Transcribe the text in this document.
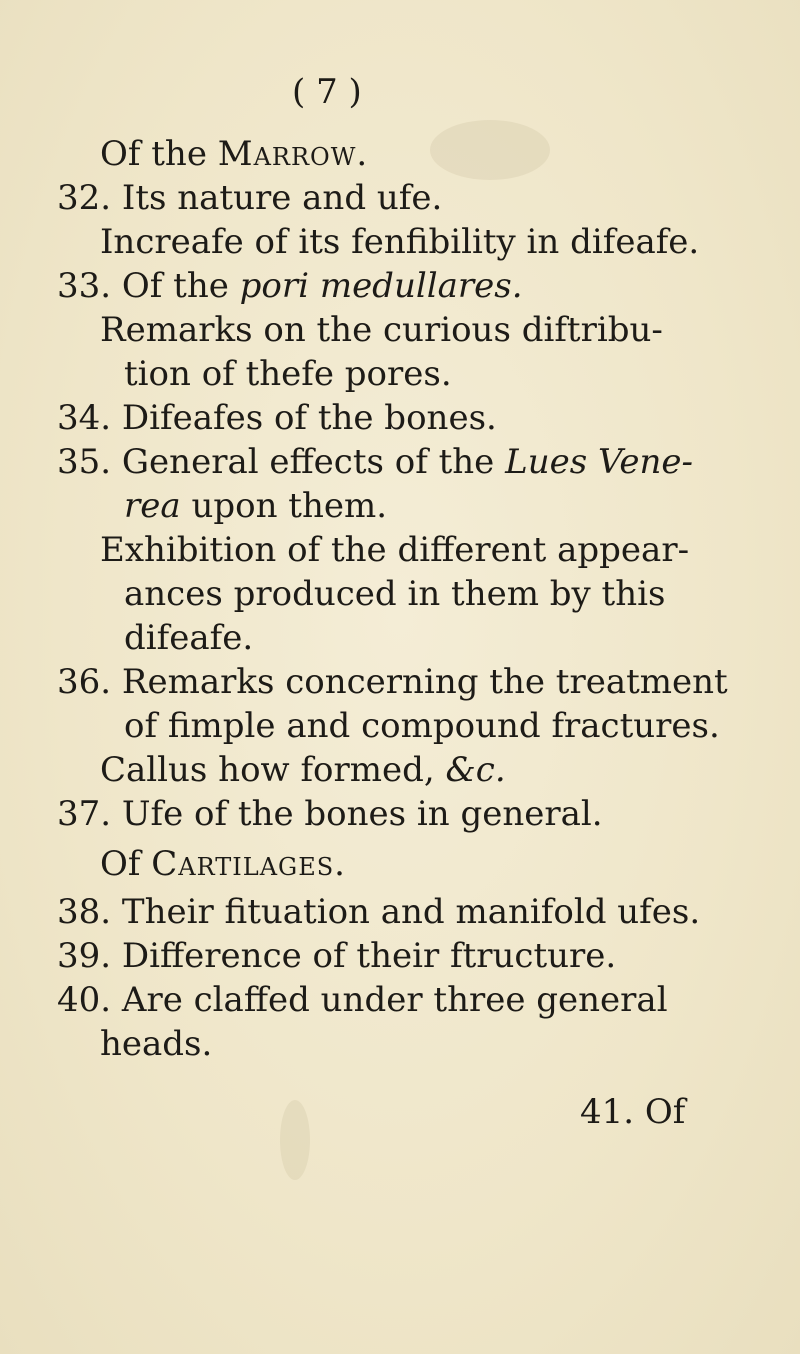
( 7 )
Of the Marrow.
32. Its nature and ufe.
Increafe of its fenfibility in difeafe.
33. Of the pori medullares.
Remarks on the curious diftribu-
tion of thefe pores.
34. Difeafes of the bones.
35. General effects of the Lues Vene-
rea upon them.
Exhibition of the different appear-
ances produced in them by this
difeafe.
36. Remarks concerning the treatment
of fimple and compound fractures.
Callus how formed, &c.
37. Ufe of the bones in general.
Of Cartilages.
38. Their fituation and manifold ufes.
39. Difference of their ftructure.
40. Are claffed under three general
heads.
41. Of
